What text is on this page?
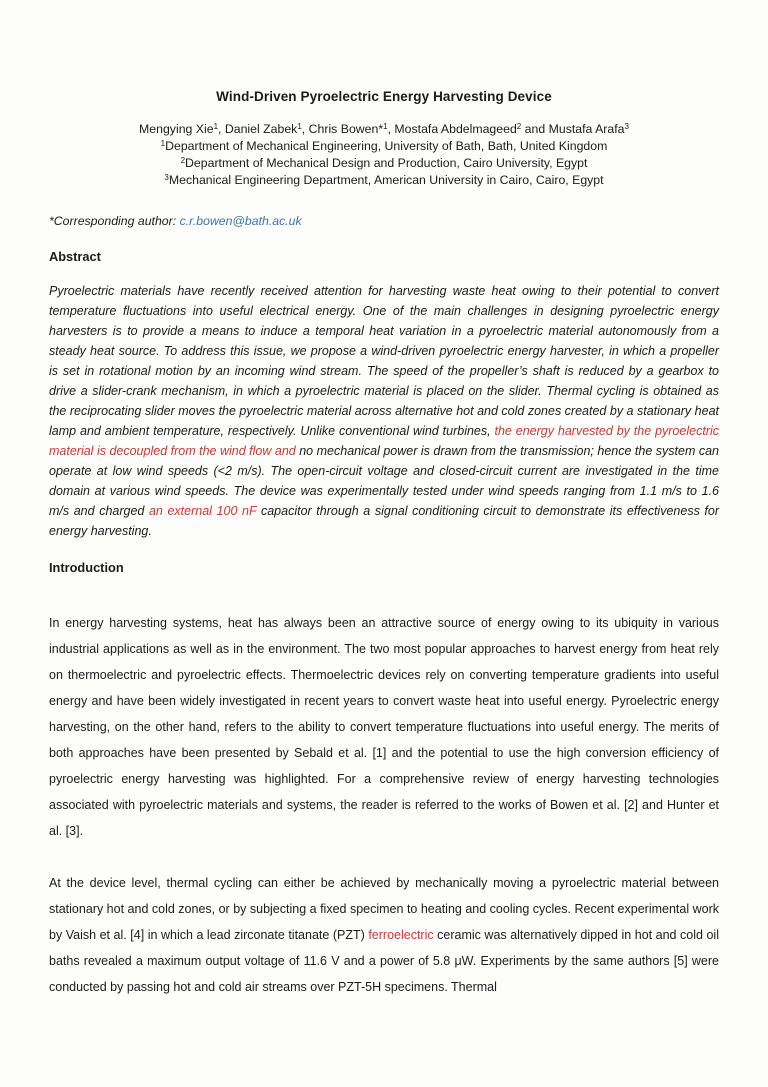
Wind-Driven Pyroelectric Energy Harvesting Device
Mengying Xie$^1$, Daniel Zabek$^1$, Chris Bowen*$^1$, Mostafa Abdelmageed$^2$ and Mustafa Arafa$^3$
$^1$Department of Mechanical Engineering, University of Bath, Bath, United Kingdom
$^2$Department of Mechanical Design and Production, Cairo University, Egypt
$^3$Mechanical Engineering Department, American University in Cairo, Cairo, Egypt

*Corresponding author: c.r.bowen@bath.ac.uk

Abstract

Pyroelectric materials have recently received attention for harvesting waste heat owing to their potential to convert temperature fluctuations into useful electrical energy. One of the main challenges in designing pyroelectric energy harvesters is to provide a means to induce a temporal heat variation in a pyroelectric material autonomously from a steady heat source. To address this issue, we propose a wind-driven pyroelectric energy harvester, in which a propeller is set in rotational motion by an incoming wind stream. The speed of the propeller’s shaft is reduced by a gearbox to drive a slider-crank mechanism, in which a pyroelectric material is placed on the slider. Thermal cycling is obtained as the reciprocating slider moves the pyroelectric material across alternative hot and cold zones created by a stationary heat lamp and ambient temperature, respectively. Unlike conventional wind turbines, the energy harvested by the pyroelectric material is decoupled from the wind flow and no mechanical power is drawn from the transmission; hence the system can operate at low wind speeds (<2 m/s). The open-circuit voltage and closed-circuit current are investigated in the time domain at various wind speeds. The device was experimentally tested under wind speeds ranging from 1.1 m/s to 1.6 m/s and charged an external 100 nF capacitor through a signal conditioning circuit to demonstrate its effectiveness for energy harvesting.

Introduction

In energy harvesting systems, heat has always been an attractive source of energy owing to its ubiquity in various industrial applications as well as in the environment. The two most popular approaches to harvest energy from heat rely on thermoelectric and pyroelectric effects. Thermoelectric devices rely on converting temperature gradients into useful energy and have been widely investigated in recent years to convert waste heat into useful energy. Pyroelectric energy harvesting, on the other hand, refers to the ability to convert temperature fluctuations into useful energy. The merits of both approaches have been presented by Sebald et al. [1] and the potential to use the high conversion efficiency of pyroelectric energy harvesting was highlighted. For a comprehensive review of energy harvesting technologies associated with pyroelectric materials and systems, the reader is referred to the works of Bowen et al. [2] and Hunter et al. [3].

At the device level, thermal cycling can either be achieved by mechanically moving a pyroelectric material between stationary hot and cold zones, or by subjecting a fixed specimen to heating and cooling cycles. Recent experimental work by Vaish et al. [4] in which a lead zirconate titanate (PZT) ferroelectric ceramic was alternatively dipped in hot and cold oil baths revealed a maximum output voltage of 11.6 V and a power of 5.8 μW. Experiments by the same authors [5] were conducted by passing hot and cold air streams over PZT-5H specimens. Thermal
